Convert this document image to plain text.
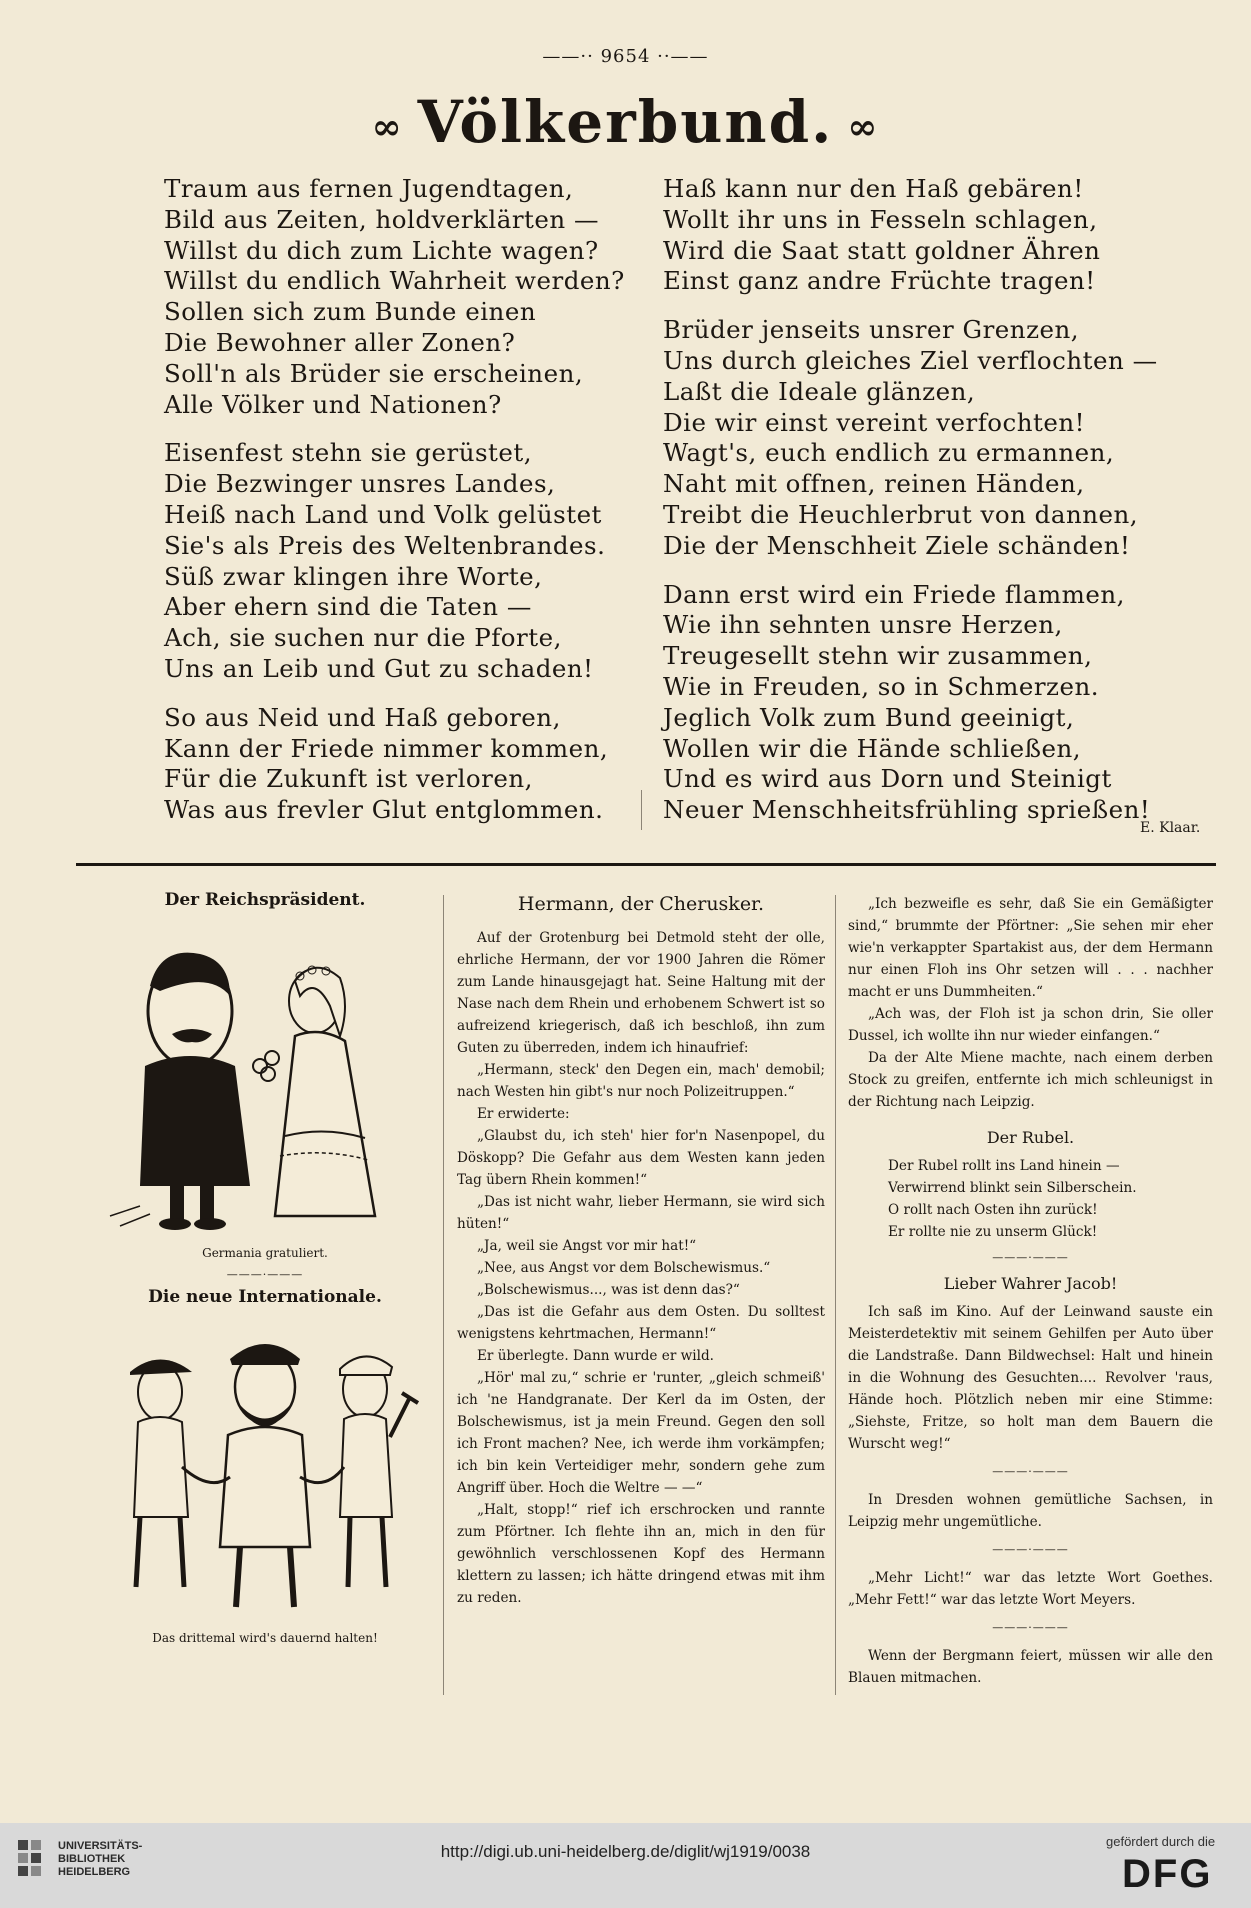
——·· 9654 ··——
∞ Völkerbund. ∞
Traum aus fernen Jugendtagen,
Bild aus Zeiten, holdverklärten —
Willst du dich zum Lichte wagen?
Willst du endlich Wahrheit werden?
Sollen sich zum Bunde einen
Die Bewohner aller Zonen?
Soll'n als Brüder sie erscheinen,
Alle Völker und Nationen?
Eisenfest stehn sie gerüstet,
Die Bezwinger unsres Landes,
Heiß nach Land und Volk gelüstet
Sie's als Preis des Weltenbrandes.
Süß zwar klingen ihre Worte,
Aber ehern sind die Taten —
Ach, sie suchen nur die Pforte,
Uns an Leib und Gut zu schaden!
So aus Neid und Haß geboren,
Kann der Friede nimmer kommen,
Für die Zukunft ist verloren,
Was aus frevler Glut entglommen.
Haß kann nur den Haß gebären!
Wollt ihr uns in Fesseln schlagen,
Wird die Saat statt goldner Ähren
Einst ganz andre Früchte tragen!
Brüder jenseits unsrer Grenzen,
Uns durch gleiches Ziel verflochten —
Laßt die Ideale glänzen,
Die wir einst vereint verfochten!
Wagt's, euch endlich zu ermannen,
Naht mit offnen, reinen Händen,
Treibt die Heuchlerbrut von dannen,
Die der Menschheit Ziele schänden!
Dann erst wird ein Friede flammen,
Wie ihn sehnten unsre Herzen,
Treugesellt stehn wir zusammen,
Wie in Freuden, so in Schmerzen.
Jeglich Volk zum Bund geeinigt,
Wollen wir die Hände schließen,
Und es wird aus Dorn und Steinigt
Neuer Menschheitsfrühling sprießen!
E. Klaar.
Der Reichspräsident.
Germania gratuliert.
———·———
Die neue Internationale.
Das drittemal wird's dauernd halten!
Hermann, der Cherusker.

Auf der Grotenburg bei Detmold steht der olle, ehrliche Hermann, der vor 1900 Jahren die Römer zum Lande hinausgejagt hat. Seine Haltung mit der Nase nach dem Rhein und erhobenem Schwert ist so aufreizend kriegerisch, daß ich beschloß, ihn zum Guten zu überreden, indem ich hinaufrief:

„Hermann, steck' den Degen ein, mach' demobil; nach Westen hin gibt's nur noch Polizeitruppen.“

Er erwiderte:

„Glaubst du, ich steh' hier for'n Nasenpopel, du Döskopp? Die Gefahr aus dem Westen kann jeden Tag übern Rhein kommen!“

„Das ist nicht wahr, lieber Hermann, sie wird sich hüten!“

„Ja, weil sie Angst vor mir hat!“

„Nee, aus Angst vor dem Bolschewismus.“

„Bolschewismus..., was ist denn das?“

„Das ist die Gefahr aus dem Osten. Du solltest wenigstens kehrtmachen, Hermann!“

Er überlegte. Dann wurde er wild.

„Hör' mal zu,“ schrie er 'runter, „gleich schmeiß' ich 'ne Handgranate. Der Kerl da im Osten, der Bolschewismus, ist ja mein Freund. Gegen den soll ich Front machen? Nee, ich werde ihm vorkämpfen; ich bin kein Verteidiger mehr, sondern gehe zum Angriff über. Hoch die Weltre — —“

„Halt, stopp!“ rief ich erschrocken und rannte zum Pförtner. Ich flehte ihn an, mich in den für gewöhnlich verschlossenen Kopf des Hermann klettern zu lassen; ich hätte dringend etwas mit ihm zu reden.

„Ich bezweifle es sehr, daß Sie ein Gemäßigter sind,“ brummte der Pförtner: „Sie sehen mir eher wie'n verkappter Spartakist aus, der dem Hermann nur einen Floh ins Ohr setzen will . . . nachher macht er uns Dummheiten.“

„Ach was, der Floh ist ja schon drin, Sie oller Dussel, ich wollte ihn nur wieder einfangen.“

Da der Alte Miene machte, nach einem derben Stock zu greifen, entfernte ich mich schleunigst in der Richtung nach Leipzig.

Der Rubel.
Der Rubel rollt ins Land hinein —
Verwirrend blinkt sein Silberschein.
O rollt nach Osten ihn zurück!
Er rollte nie zu unserm Glück!
———·———
Lieber Wahrer Jacob!

Ich saß im Kino. Auf der Leinwand sauste ein Meisterdetektiv mit seinem Gehilfen per Auto über die Landstraße. Dann Bildwechsel: Halt und hinein in die Wohnung des Gesuchten.... Revolver 'raus, Hände hoch. Plötzlich neben mir eine Stimme: „Siehste, Fritze, so holt man dem Bauern die Wurscht weg!“

———·———

In Dresden wohnen gemütliche Sachsen, in Leipzig mehr ungemütliche.

———·———

„Mehr Licht!“ war das letzte Wort Goethes. „Mehr Fett!“ war das letzte Wort Meyers.

———·———

Wenn der Bergmann feiert, müssen wir alle den Blauen mitmachen.

UNIVERSITÄTS-
BIBLIOTHEK
HEIDELBERG
http://digi.ub.uni-heidelberg.de/diglit/wj1919/0038
gefördert durch die
DFG
